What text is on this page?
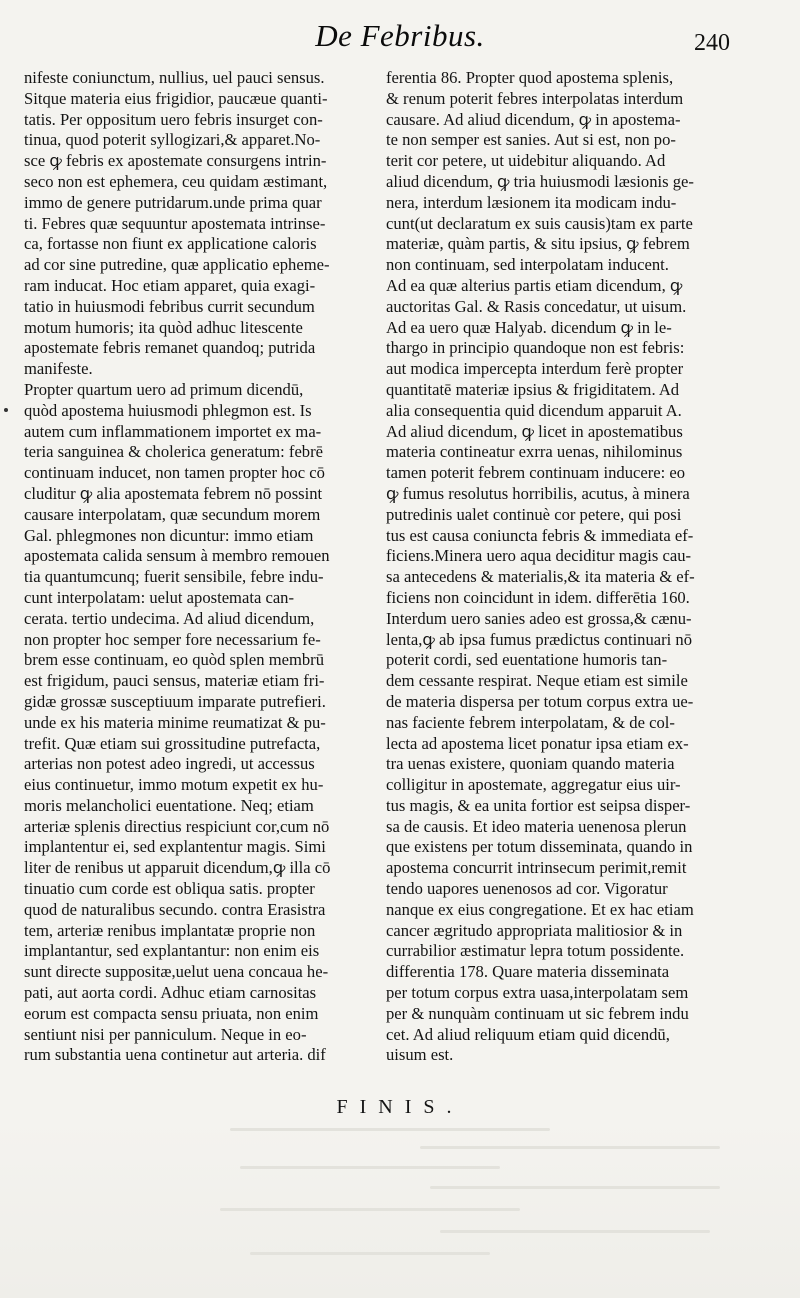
De Febribus.	240
nifeste coniunctum, nullius, uel pauci sensus.
Sitque materia eius frigidior, paucæue quanti-
tatis. Per oppositum uero febris insurget con-
tinua, quod poterit syllogizari,& apparet.No-
sce ꝙ febris ex apostemate consurgens intrin-
seco non est ephemera, ceu quidam æstimant,
immo de genere putridarum.unde prima quar
ti. Febres quæ sequuntur apostemata intrinse-
ca, fortasse non fiunt ex applicatione caloris
ad cor sine putredine, quæ applicatio epheme-
ram inducat. Hoc etiam apparet, quia exagi-
tatio in huiusmodi febribus currit secundum
motum humoris; ita quòd adhuc litescente
apostemate febris remanet quandoq; putrida
manifeste.
Propter quartum uero ad primum dicendū,
quòd apostema huiusmodi phlegmon est. Is
autem cum inflammationem importet ex ma-
teria sanguinea & cholerica generatum: febrē
continuam inducet, non tamen propter hoc cō
cluditur ꝙ alia apostemata febrem nō possint
causare interpolatam, quæ secundum morem
Gal. phlegmones non dicuntur: immo etiam
apostemata calida sensum à membro remouen
tia quantumcunq; fuerit sensibile, febre indu-
cunt interpolatam: uelut apostemata can-
cerata. tertio undecima. Ad aliud dicendum,
non propter hoc semper fore necessarium fe-
brem esse continuam, eo quòd splen membrū
est frigidum, pauci sensus, materiæ etiam fri-
gidæ grossæ susceptiuum imparate putrefieri.
unde ex his materia minime reumatizat & pu-
trefit. Quæ etiam sui grossitudine putrefacta,
arterias non potest adeo ingredi, ut accessus
eius continuetur, immo motum expetit ex hu-
moris melancholici euentatione. Neq; etiam
arteriæ splenis directius respiciunt cor,cum nō
implantentur ei, sed explantentur magis. Simi
liter de renibus ut apparuit dicendum,ꝙ illa cō
tinuatio cum corde est obliqua satis. propter
quod de naturalibus secundo. contra Erasistra
tem, arteriæ renibus implantatæ proprie non
implantantur, sed explantantur: non enim eis
sunt directe suppositæ,uelut uena concaua he-
pati, aut aorta cordi. Adhuc etiam carnositas
eorum est compacta sensu priuata, non enim
sentiunt nisi per panniculum. Neque in eo-
rum substantia uena continetur aut arteria. dif
ferentia 86. Propter quod apostema splenis,
& renum poterit febres interpolatas interdum
causare. Ad aliud dicendum, ꝙ in apostema-
te non semper est sanies. Aut si est, non po-
terit cor petere, ut uidebitur aliquando. Ad
aliud dicendum, ꝙ tria huiusmodi læsionis ge-
nera, interdum læsionem ita modicam indu-
cunt(ut declaratum ex suis causis)tam ex parte
materiæ, quàm partis, & situ ipsius, ꝙ febrem
non continuam, sed interpolatam inducent.
Ad ea quæ alterius partis etiam dicendum, ꝙ
auctoritas Gal. & Rasis concedatur, ut uisum.
Ad ea uero quæ Halyab. dicendum ꝙ in le-
thargo in principio quandoque non est febris:
aut modica impercepta interdum ferè propter
quantitatē materiæ ipsius & frigiditatem. Ad
alia consequentia quid dicendum apparuit A.
Ad aliud dicendum, ꝙ licet in apostematibus
materia contineatur exrra uenas, nihilominus
tamen poterit febrem continuam inducere: eo
ꝙ fumus resolutus horribilis, acutus, à minera
putredinis ualet continuè cor petere, qui posi
tus est causa coniuncta febris & immediata ef-
ficiens.Minera uero aqua deciditur magis cau-
sa antecedens & materialis,& ita materia & ef-
ficiens non coincidunt in idem. differētia 160.
Interdum uero sanies adeo est grossa,& cænu-
lenta,ꝙ ab ipsa fumus prædictus continuari nō
poterit cordi, sed euentatione humoris tan-
dem cessante respirat. Neque etiam est simile
de materia dispersa per totum corpus extra ue-
nas faciente febrem interpolatam, & de col-
lecta ad apostema licet ponatur ipsa etiam ex-
tra uenas existere, quoniam quando materia
colligitur in apostemate, aggregatur eius uir-
tus magis, & ea unita fortior est seipsa disper-
sa de causis. Et ideo materia uenenosa plerun
que existens per totum disseminata, quando in
apostema concurrit intrinsecum perimit,remit
tendo uapores uenenosos ad cor. Vigoratur
nanque ex eius congregatione. Et ex hac etiam
cancer ægritudo appropriata malitiosior & in
currabilior æstimatur lepra totum possidente.
differentia 178. Quare materia disseminata
per totum corpus extra uasa,interpolatam sem
per & nunquàm continuam ut sic febrem indu
cet. Ad aliud reliquum etiam quid dicendū,
uisum est.
FINIS.
